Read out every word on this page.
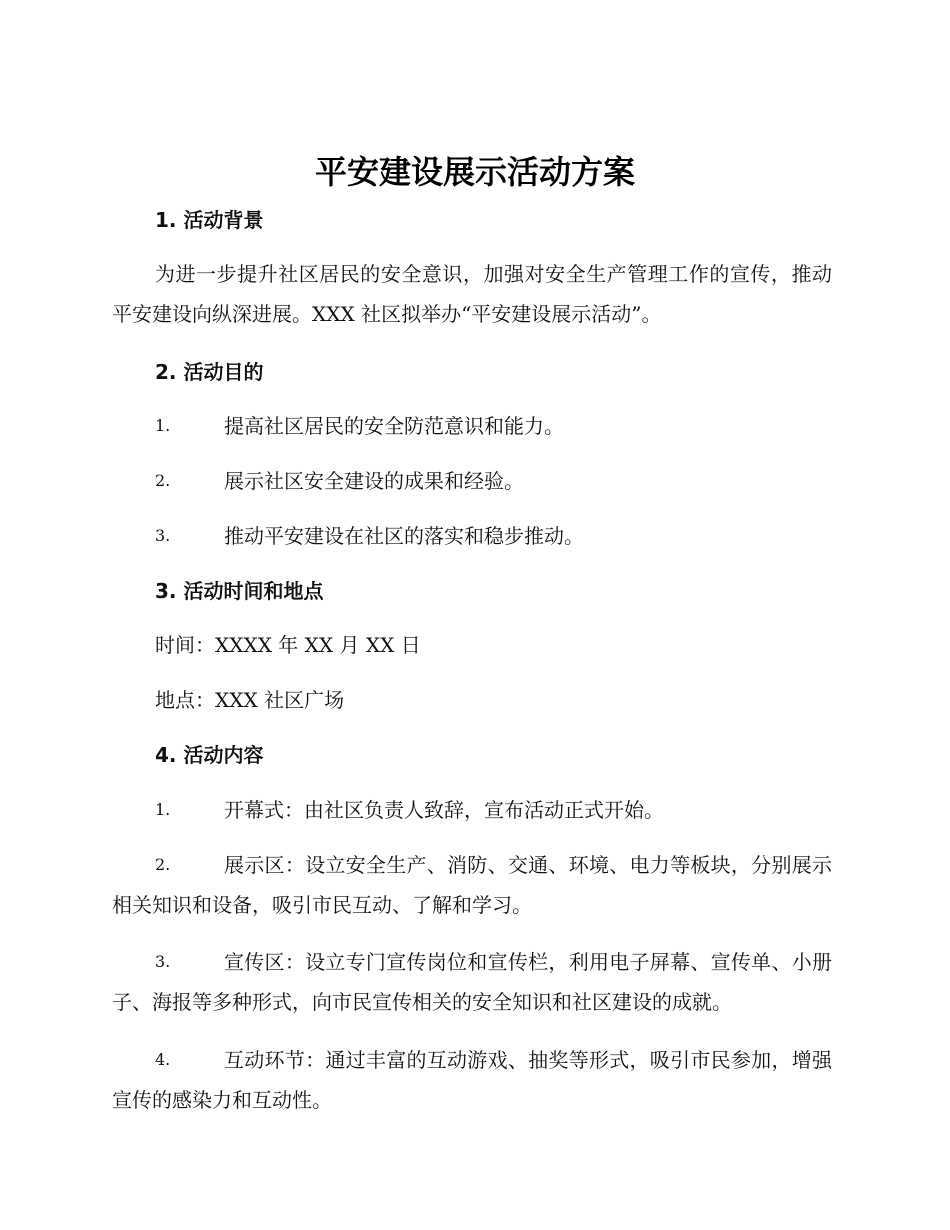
平安建设展示活动方案
1. 活动背景
为进一步提升社区居民的安全意识，加强对安全生产管理工作的宣传，推动平安建设向纵深进展。XXX 社区拟举办“平安建设展示活动”。
2. 活动目的
1.	提高社区居民的安全防范意识和能力。
2.	展示社区安全建设的成果和经验。
3.	推动平安建设在社区的落实和稳步推动。
3. 活动时间和地点
时间：XXXX 年 XX 月 XX 日
地点：XXX 社区广场
4. 活动内容
1.	开幕式：由社区负责人致辞，宣布活动正式开始。
2.	展示区：设立安全生产、消防、交通、环境、电力等板块，分别展示相关知识和设备，吸引市民互动、了解和学习。
3.	宣传区：设立专门宣传岗位和宣传栏，利用电子屏幕、宣传单、小册子、海报等多种形式，向市民宣传相关的安全知识和社区建设的成就。
4.	互动环节：通过丰富的互动游戏、抽奖等形式，吸引市民参加，增强宣传的感染力和互动性。
